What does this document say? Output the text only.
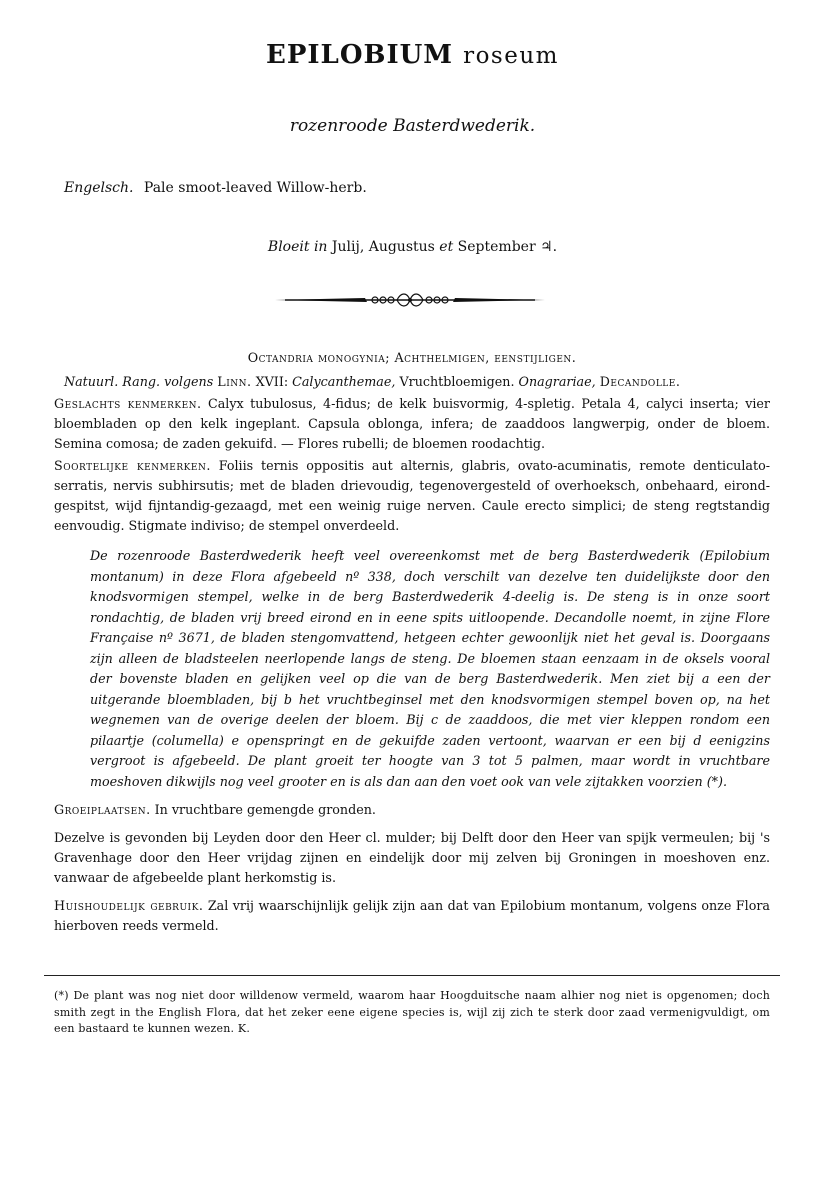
EPILOBIUM roseum
rozenroode Basterdwederik.
Engelsch. Pale smoot-leaved Willow-herb.
Bloeit in Julij, Augustus et September ♃.

Octandria monogynia; Achthelmigen, eenstijligen.

Natuurl. Rang. volgens Linn. XVII: Calycanthemae, Vruchtbloemigen. Onagrariae, Decandolle.

Geslachts kenmerken. Calyx tubulosus, 4-fidus; de kelk buisvormig, 4-spletig. Petala 4, calyci inserta; vier bloembladen op den kelk ingeplant. Capsula oblonga, infera; de zaaddoos langwerpig, onder de bloem. Semina comosa; de zaden gekuifd. — Flores rubelli; de bloemen roodachtig.

Soortelijke kenmerken. Foliis ternis oppositis aut alternis, glabris, ovato-acuminatis, remote denticulato-serratis, nervis subhirsutis; met de bladen drievoudig, tegenovergesteld of overhoeksch, onbehaard, eirond-gespitst, wijd fijntandig-gezaagd, met een weinig ruige nerven. Caule erecto simplici; de steng regtstandig eenvoudig. Stigmate indiviso; de stempel onverdeeld.

De rozenroode Basterdwederik heeft veel overeenkomst met de berg Basterdwederik (Epilobium montanum) in deze Flora afgebeeld nº 338, doch verschilt van dezelve ten duidelijkste door den knodsvormigen stempel, welke in de berg Basterdwederik 4-deelig is. De steng is in onze soort rondachtig, de bladen vrij breed eirond en in eene spits uitloopende. Decandolle noemt, in zijne Flore Française nº 3671, de bladen stengomvattend, hetgeen echter gewoonlijk niet het geval is. Doorgaans zijn alleen de bladsteelen neerlopende langs de steng. De bloemen staan eenzaam in de oksels vooral der bovenste bladen en gelijken veel op die van de berg Basterdwederik. Men ziet bij a een der uitgerande bloembladen, bij b het vruchtbeginsel met den knodsvormigen stempel boven op, na het wegnemen van de overige deelen der bloem. Bij c de zaaddoos, die met vier kleppen rondom een pilaartje (columella) e openspringt en de gekuifde zaden vertoont, waarvan er een bij d eenigzins vergroot is afgebeeld. De plant groeit ter hoogte van 3 tot 5 palmen, maar wordt in vruchtbare moeshoven dikwijls nog veel grooter en is als dan aan den voet ook van vele zijtakken voorzien (*).

Groeiplaatsen. In vruchtbare gemengde gronden.

Dezelve is gevonden bij Leyden door den Heer cl. mulder; bij Delft door den Heer van spijk vermeulen; bij 's Gravenhage door den Heer vrijdag zijnen en eindelijk door mij zelven bij Groningen in moeshoven enz. vanwaar de afgebeelde plant herkomstig is.

Huishoudelijk gebruik. Zal vrij waarschijnlijk gelijk zijn aan dat van Epilobium montanum, volgens onze Flora hierboven reeds vermeld.

(*) De plant was nog niet door willdenow vermeld, waarom haar Hoogduitsche naam alhier nog niet is opgenomen; doch smith zegt in the English Flora, dat het zeker eene eigene species is, wijl zij zich te sterk door zaad vermenigvuldigt, om een bastaard te kunnen wezen. K.
